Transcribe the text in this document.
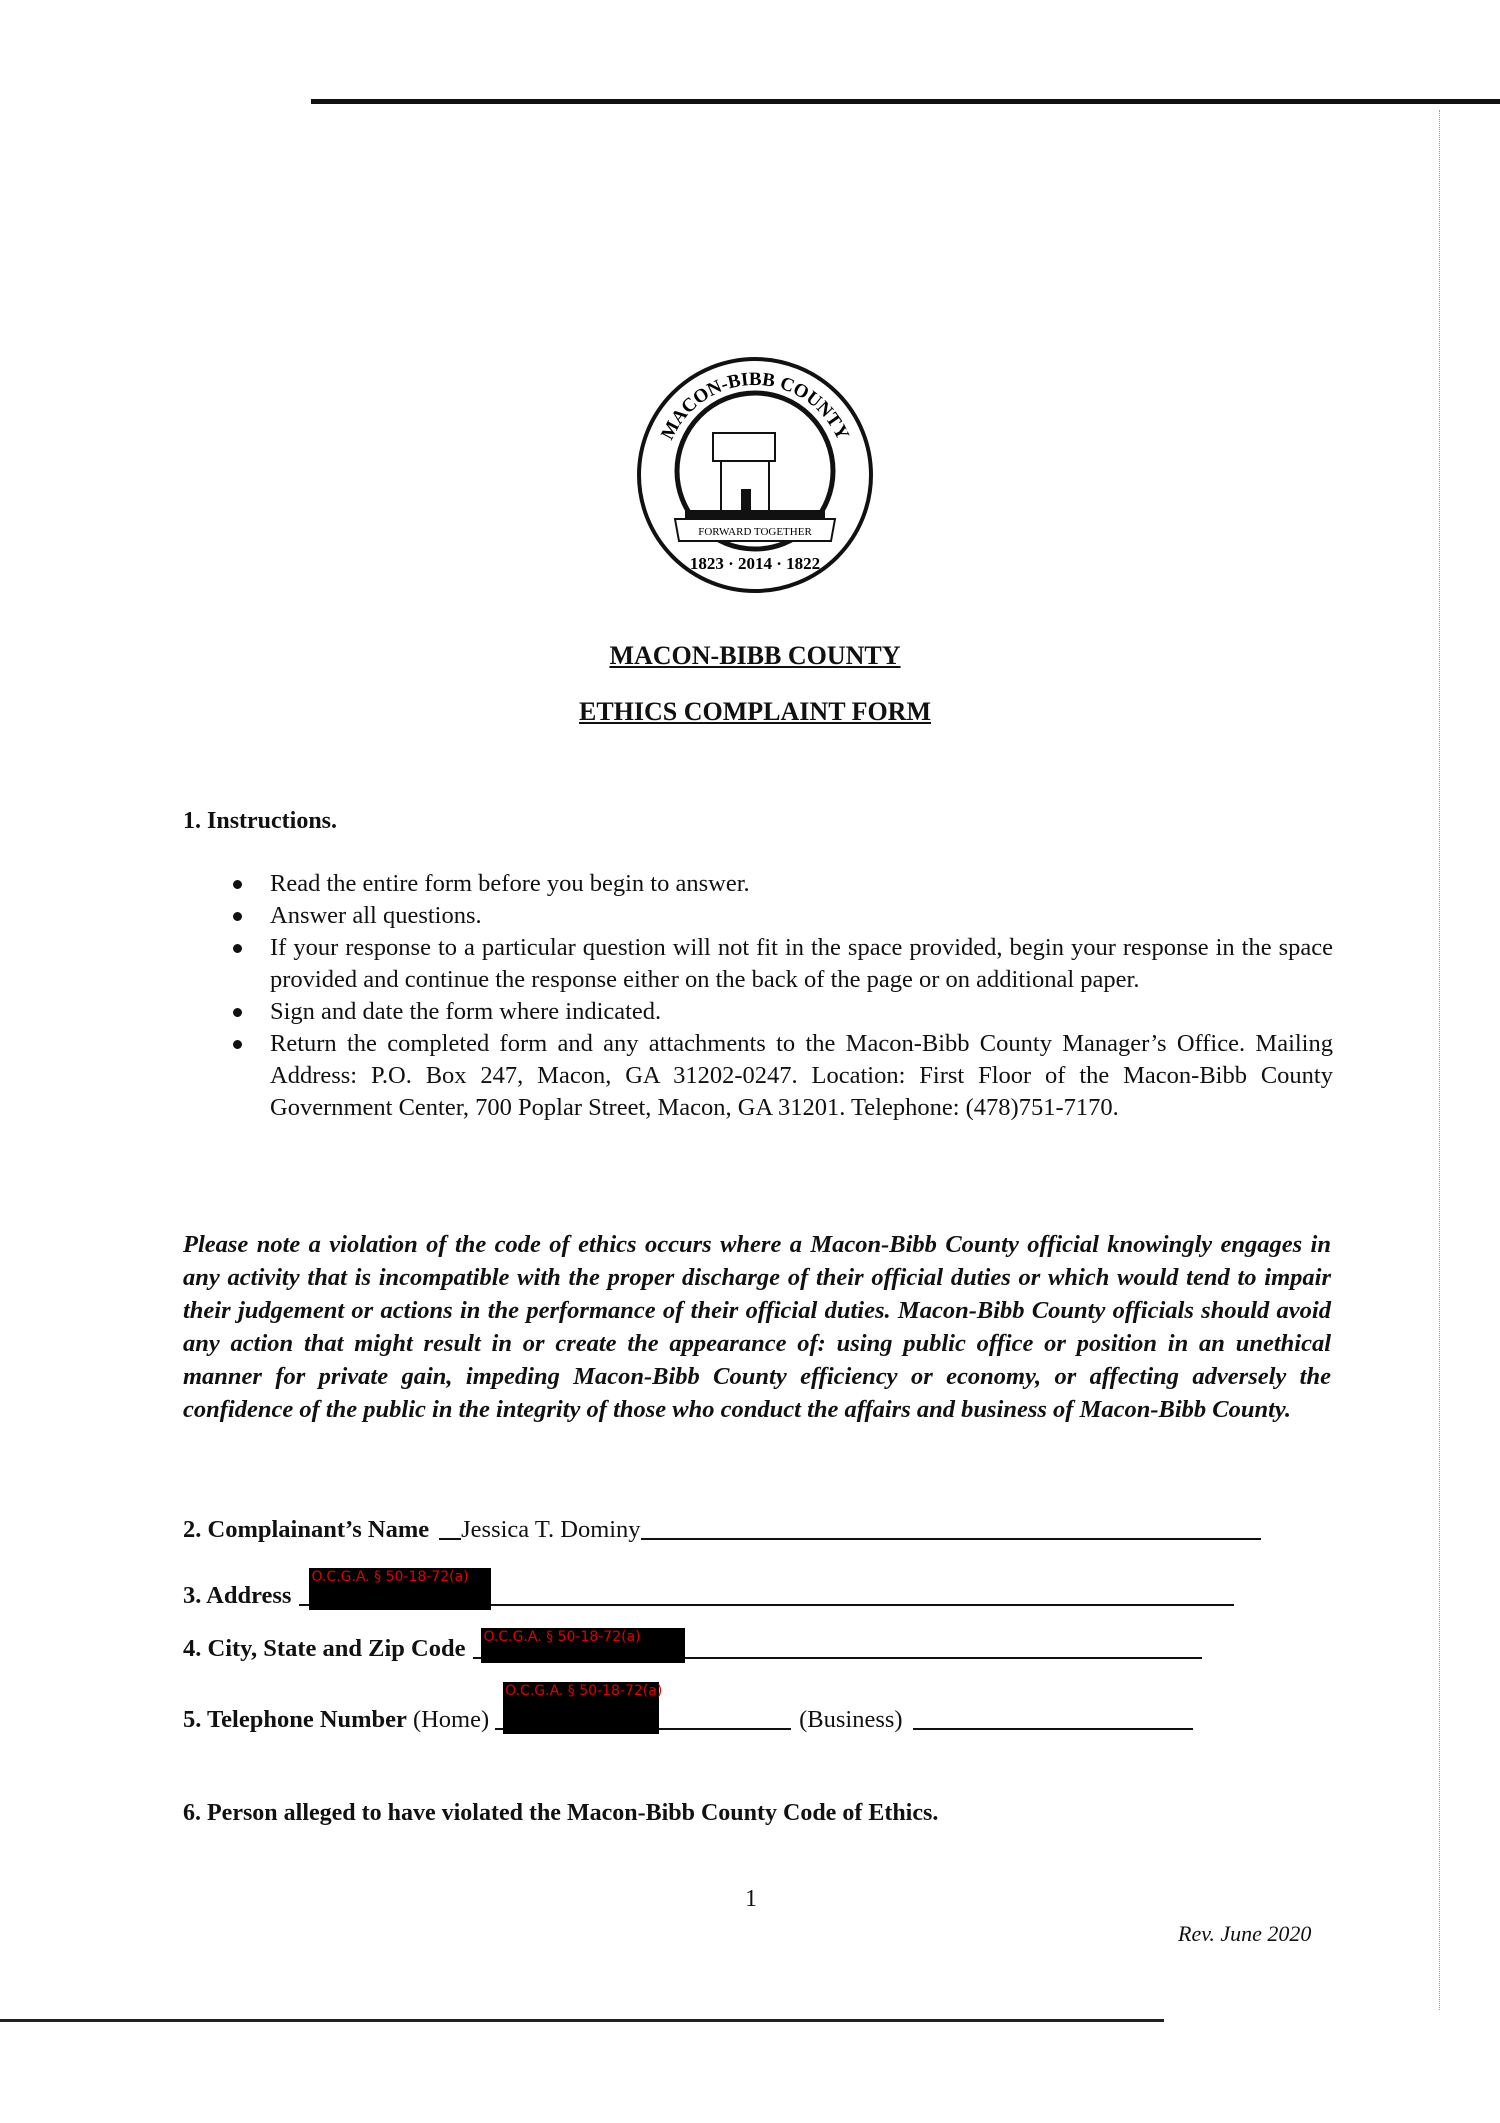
MACON-BIBB COUNTY
FORWARD TOGETHER
1823 · 2014 · 1822
MACON-BIBB COUNTY
ETHICS COMPLAINT FORM
1. Instructions.
Read the entire form before you begin to answer.
Answer all questions.
If your response to a particular question will not fit in the space provided, begin your response in the space provided and continue the response either on the back of the page or on additional paper.
Sign and date the form where indicated.
Return the completed form and any attachments to the Macon-Bibb County Manager’s Office. Mailing Address: P.O. Box 247, Macon, GA 31202-0247. Location: First Floor of the Macon-Bibb County Government Center, 700 Poplar Street, Macon, GA 31201. Telephone: (478)751-7170.
Please note a violation of the code of ethics occurs where a Macon-Bibb County official knowingly engages in any activity that is incompatible with the proper discharge of their official duties or which would tend to impair their judgement or actions in the performance of their official duties. Macon-Bibb County officials should avoid any action that might result in or create the appearance of: using public office or position in an unethical manner for private gain, impeding Macon-Bibb County efficiency or economy, or affecting adversely the confidence of the public in the integrity of those who conduct the affairs and business of Macon-Bibb County.
2. Complainant’s Name Jessica T. Dominy
3. Address
O.C.G.A. § 50-18-72(a)
4. City, State and Zip Code O.C.G.A. § 50-18-72(a)
5. Telephone Number (Home)
O.C.G.A. § 50-18-72(a)
(Business)
6. Person alleged to have violated the Macon-Bibb County Code of Ethics.
1
Rev. June 2020
